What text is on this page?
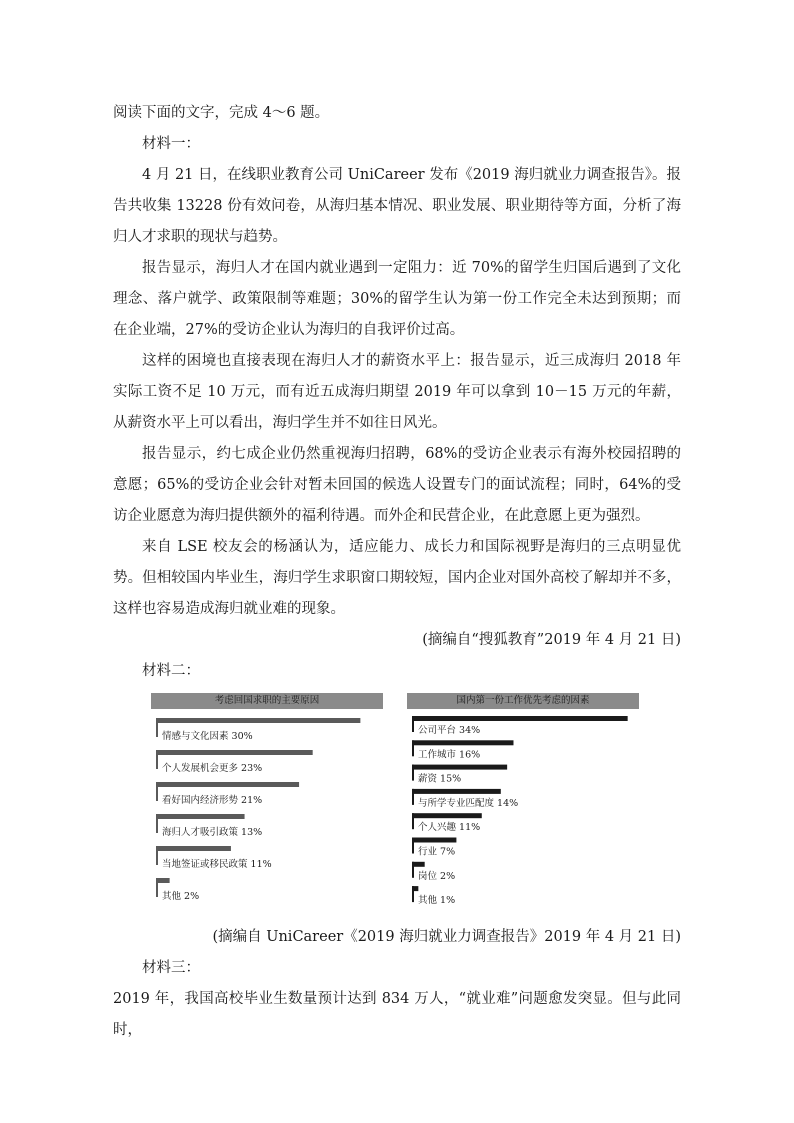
阅读下面的文字，完成 4～6 题。

材料一：

4 月 21 日，在线职业教育公司 UniCareer 发布《2019 海归就业力调查报告》。报告共收集 13228 份有效问卷，从海归基本情况、职业发展、职业期待等方面，分析了海归人才求职的现状与趋势。

报告显示，海归人才在国内就业遇到一定阻力：近 70%的留学生归国后遇到了文化理念、落户就学、政策限制等难题；30%的留学生认为第一份工作完全未达到预期；而在企业端，27%的受访企业认为海归的自我评价过高。

这样的困境也直接表现在海归人才的薪资水平上：报告显示，近三成海归 2018 年实际工资不足 10 万元，而有近五成海归期望 2019 年可以拿到 10－15 万元的年薪，从薪资水平上可以看出，海归学生并不如往日风光。

报告显示，约七成企业仍然重视海归招聘，68%的受访企业表示有海外校园招聘的意愿；65%的受访企业会针对暂未回国的候选人设置专门的面试流程；同时，64%的受访企业愿意为海归提供额外的福利待遇。而外企和民营企业，在此意愿上更为强烈。

来自 LSE 校友会的杨涵认为，适应能力、成长力和国际视野是海归的三点明显优势。但相较国内毕业生，海归学生求职窗口期较短，国内企业对国外高校了解却并不多，这样也容易造成海归就业难的现象。

(摘编自“搜狐教育”2019 年 4 月 21 日)

材料二：

考虑回国求职的主要原因
情感与文化因素 30%
个人发展机会更多 23%
看好国内经济形势 21%
海归人才吸引政策 13%
当地签证或移民政策 11%
其他 2%
国内第一份工作优先考虑的因素
公司平台 34%
工作城市 16%
薪资 15%
与所学专业匹配度 14%
个人兴趣 11%
行业 7%
岗位 2%
其他 1%

(摘编自 UniCareer《2019 海归就业力调查报告》2019 年 4 月 21 日)

材料三：

2019 年，我国高校毕业生数量预计达到 834 万人，“就业难”问题愈发突显。但与此同时，
